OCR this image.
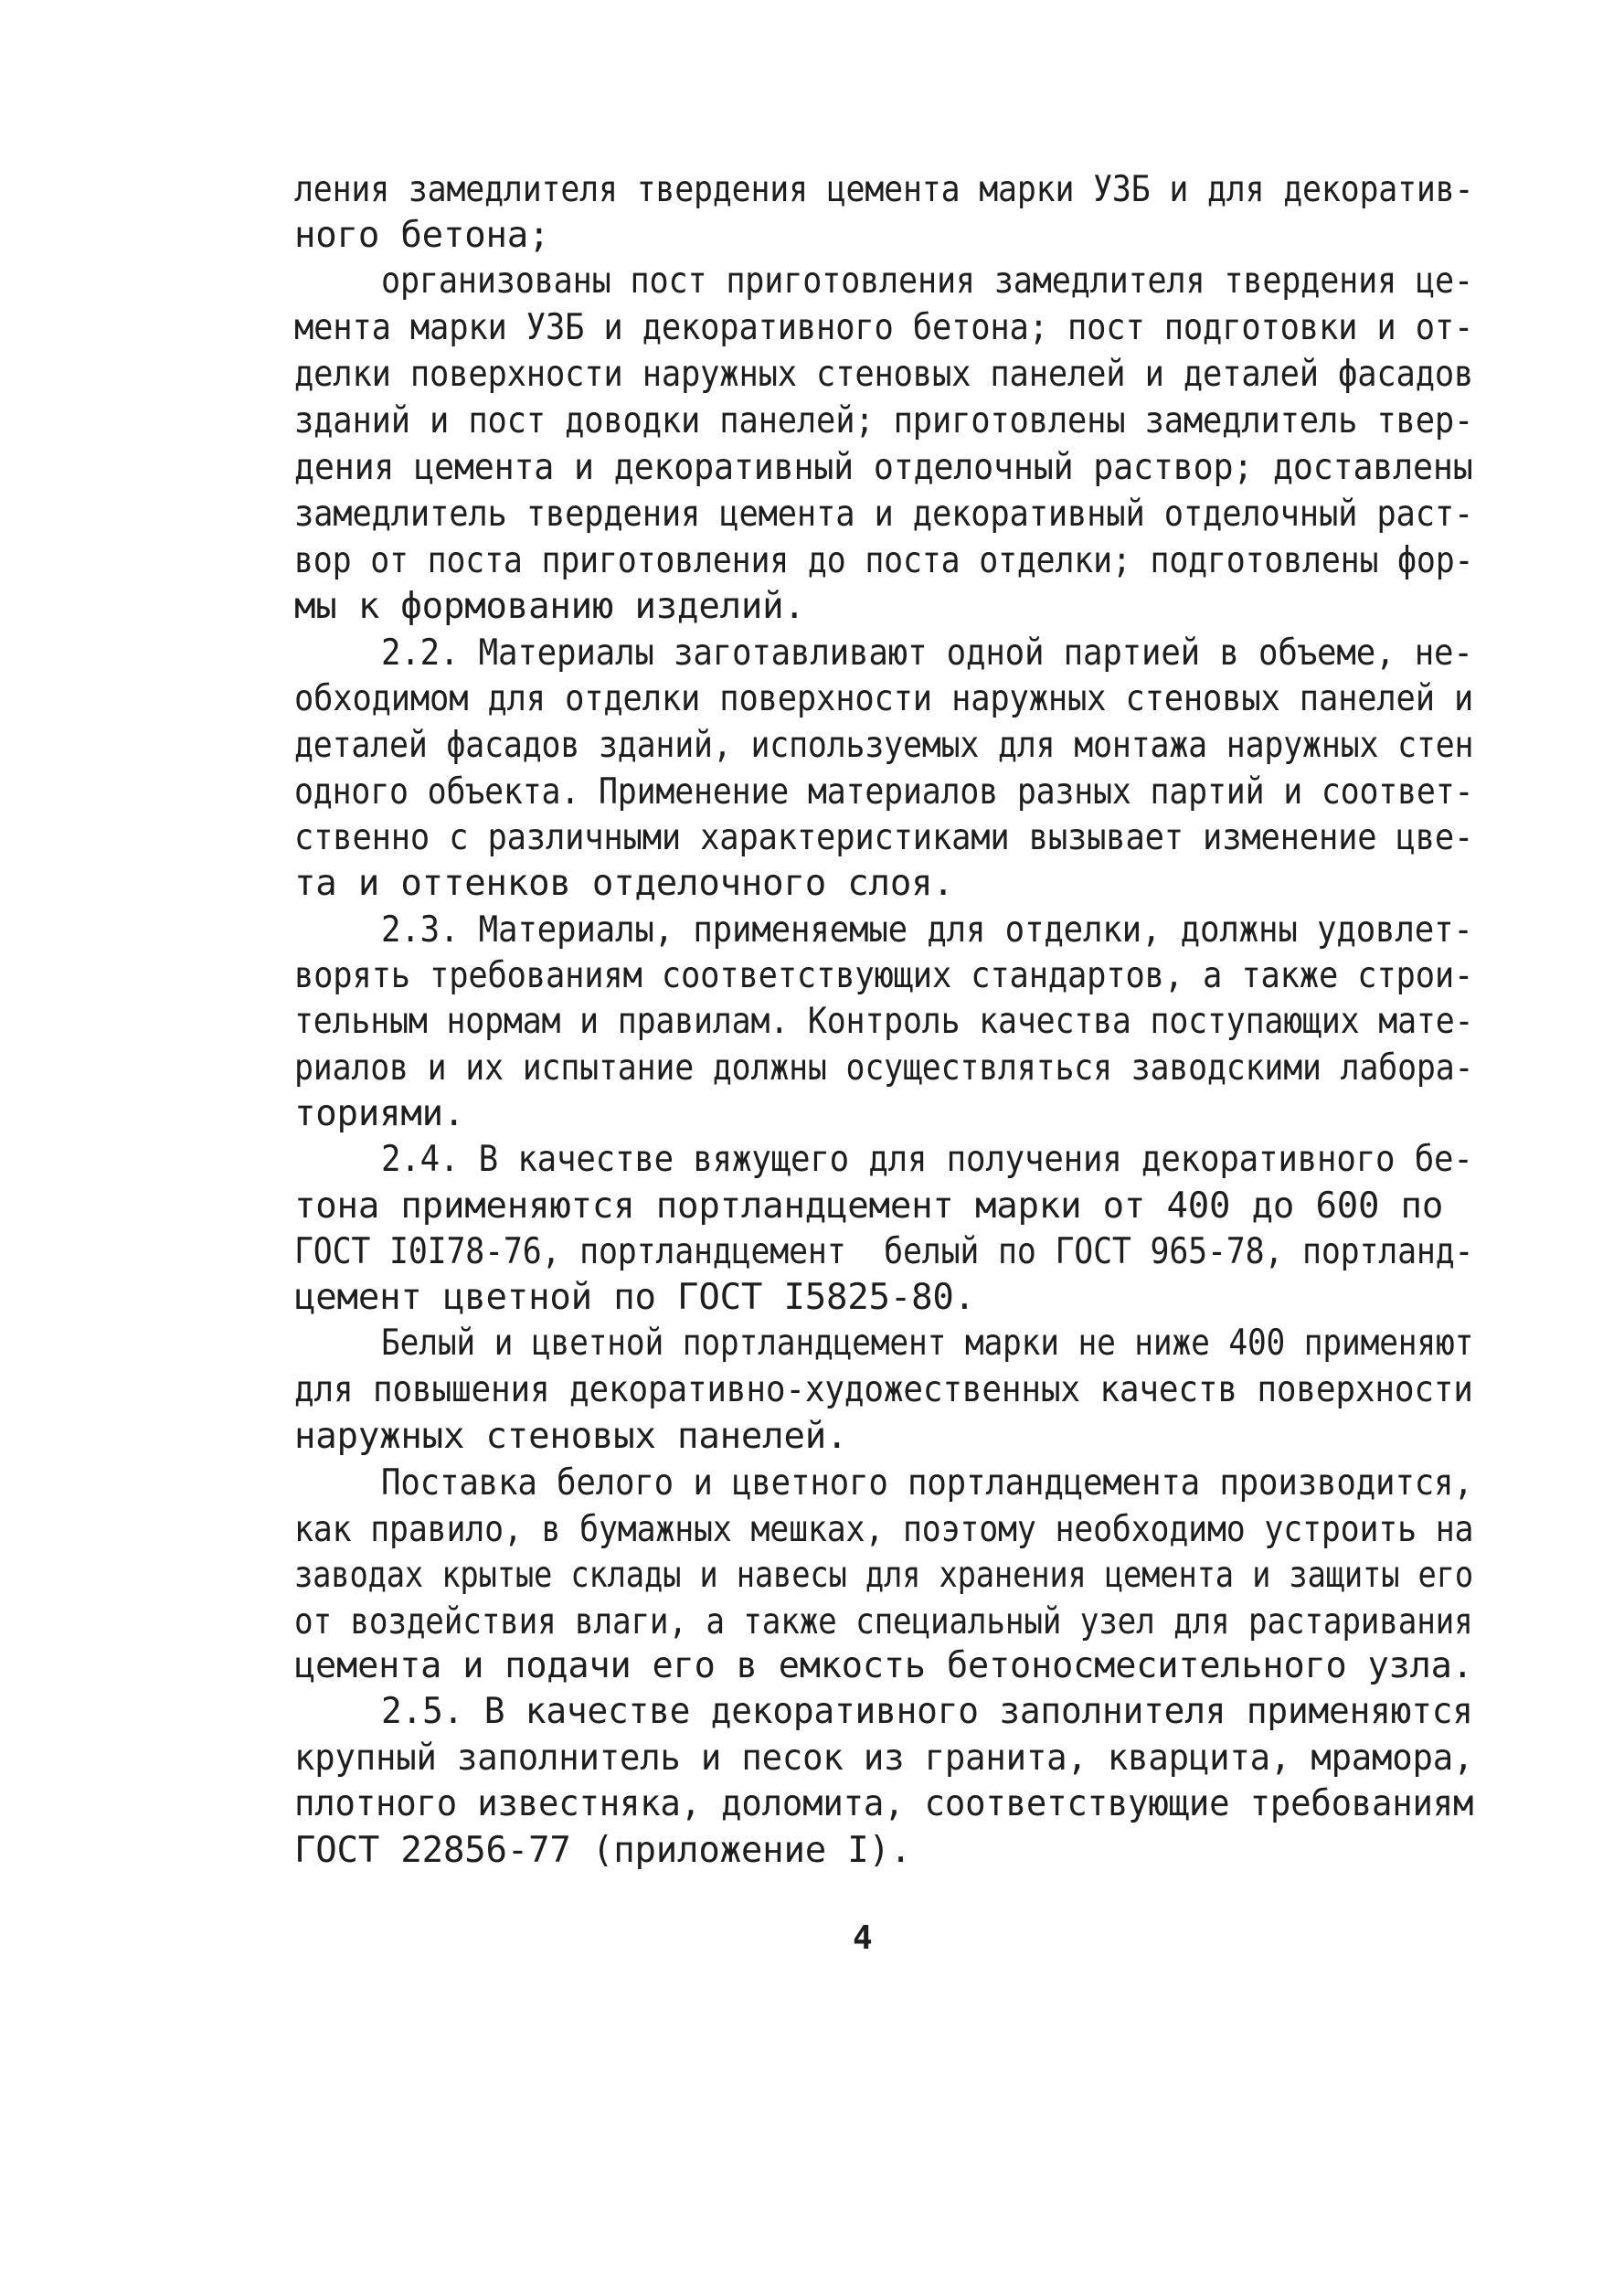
ления замедлителя твердения цемента марки УЗБ и для декоратив-
ного бетона;
организованы пост приготовления замедлителя твердения це-
мента марки УЗБ и декоративного бетона; пост подготовки и от-
делки поверхности наружных стеновых панелей и деталей фасадов
зданий и пост доводки панелей; приготовлены замедлитель твер-
дения цемента и декоративный отделочный раствор; доставлены
замедлитель твердения цемента и декоративный отделочный раст-
вор от поста приготовления до поста отделки; подготовлены фор-
мы к формованию изделий.
2.2. Материалы заготавливают одной партией в объеме, не-
обходимом для отделки поверхности наружных стеновых панелей и
деталей фасадов зданий, используемых для монтажа наружных стен
одного объекта. Применение материалов разных партий и соответ-
ственно с различными характеристиками вызывает изменение цве-
та и оттенков отделочного слоя.
2.3. Материалы, применяемые для отделки, должны удовлет-
ворять требованиям соответствующих стандартов, а также строи-
тельным нормам и правилам. Контроль качества поступающих мате-
риалов и их испытание должны осуществляться заводскими лабора-
ториями.
2.4. В качестве вяжущего для получения декоративного бе-
тона применяются портландцемент марки от 400 до 600 по
ГОСТ I0I78-76, портландцемент  белый по ГОСТ 965-78, портланд-
цемент цветной по ГОСТ I5825-80.
Белый и цветной портландцемент марки не ниже 400 применяют
для повышения декоративно-художественных качеств поверхности
наружных стеновых панелей.
Поставка белого и цветного портландцемента производится,
как правило, в бумажных мешках, поэтому необходимо устроить на
заводах крытые склады и навесы для хранения цемента и защиты его
от воздействия влаги, а также специальный узел для растаривания
цемента и подачи его в емкость бетоносмесительного узла.
2.5. В качестве декоративного заполнителя применяются
крупный заполнитель и песок из гранита, кварцита, мрамора,
плотного известняка, доломита, соответствующие требованиям
ГОСТ 22856-77 (приложение I).
4
